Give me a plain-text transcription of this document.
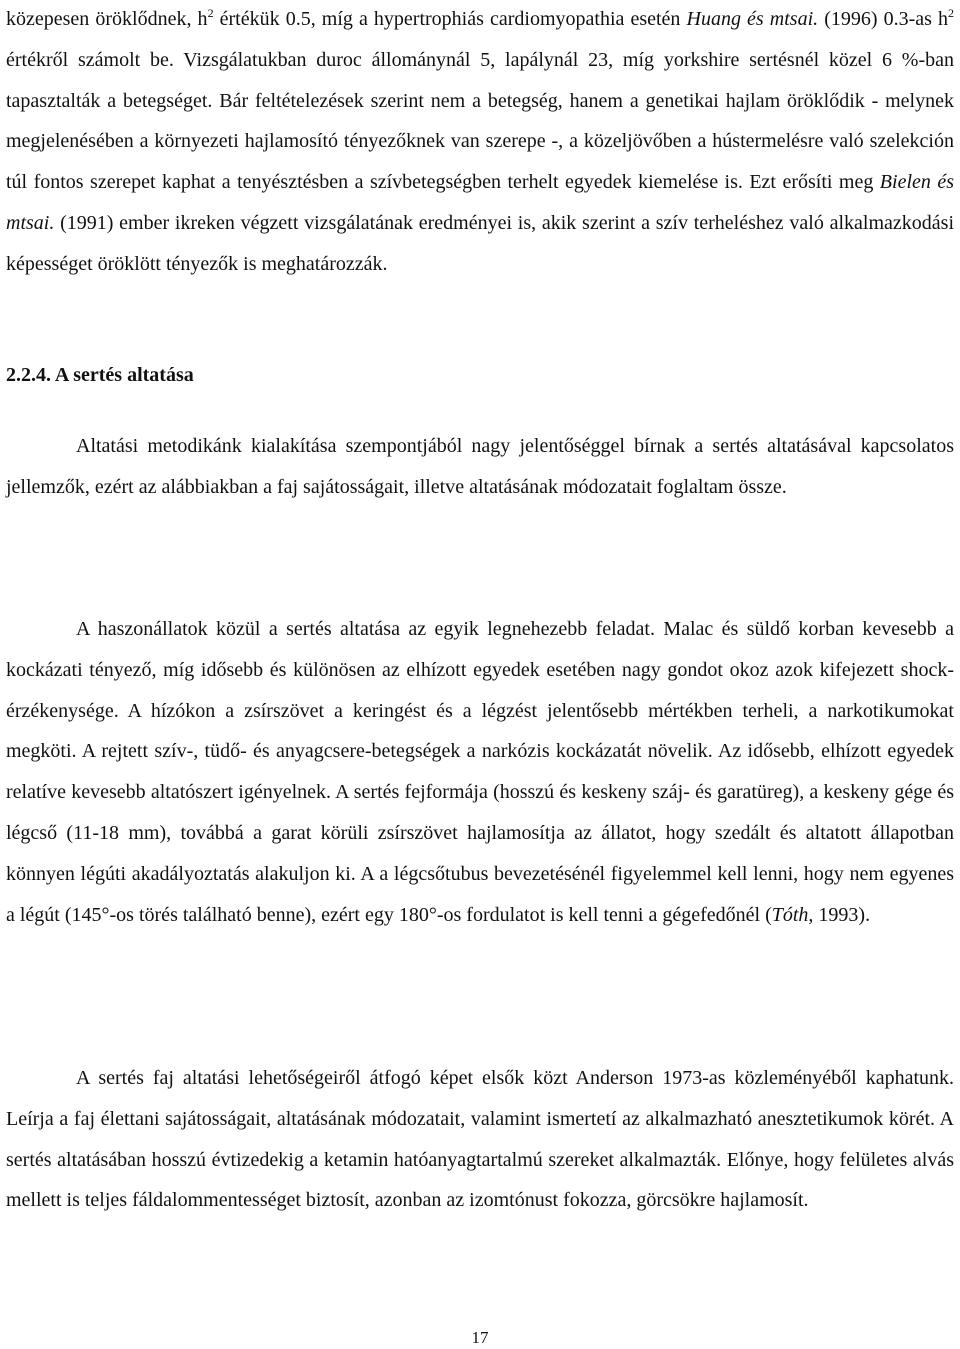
közepesen öröklődnek, $h^2$ értékük 0.5, míg a hypertrophiás cardiomyopathia esetén Huang és mtsai. (1996) 0.3-as $h^2$ értékről számolt be. Vizsgálatukban duroc állománynál 5, lapálynál 23, míg yorkshire sertésnél közel 6 %-ban tapasztalták a betegséget. Bár feltételezések szerint nem a betegség, hanem a genetikai hajlam öröklődik - melynek megjelenésében a környezeti hajlamosító tényezőknek van szerepe -, a közeljövőben a hústermelésre való szelekción túl fontos szerepet kaphat a tenyésztésben a szívbetegségben terhelt egyedek kiemelése is. Ezt erősíti meg Bielen és mtsai. (1991) ember ikreken végzett vizsgálatának eredményei is, akik szerint a szív terheléshez való alkalmazkodási képességet öröklött tényezők is meghatározzák.

2.2.4. A sertés altatása

Altatási metodikánk kialakítása szempontjából nagy jelentőséggel bírnak a sertés altatásával kapcsolatos jellemzők, ezért az alábbiakban a faj sajátosságait, illetve altatásának módozatait foglaltam össze.

A haszonállatok közül a sertés altatása az egyik legnehezebb feladat. Malac és süldő korban kevesebb a kockázati tényező, míg idősebb és különösen az elhízott egyedek esetében nagy gondot okoz azok kifejezett shock-érzékenysége. A hízókon a zsírszövet a keringést és a légzést jelentősebb mértékben terheli, a narkotikumokat megköti. A rejtett szív-, tüdő- és anyagcsere-betegségek a narkózis kockázatát növelik. Az idősebb, elhízott egyedek relatíve kevesebb altatószert igényelnek. A sertés fejformája (hosszú és keskeny száj- és garatüreg), a keskeny gége és légcső (11-18 mm), továbbá a garat körüli zsírszövet hajlamosítja az állatot, hogy szedált és altatott állapotban könnyen légúti akadályoztatás alakuljon ki. A a légcsőtubus bevezetésénél figyelemmel kell lenni, hogy nem egyenes a légút (145°-os törés található benne), ezért egy 180°-os fordulatot is kell tenni a gégefedőnél (Tóth, 1993).

A sertés faj altatási lehetőségeiről átfogó képet elsők közt Anderson 1973-as közleményéből kaphatunk. Leírja a faj élettani sajátosságait, altatásának módozatait, valamint ismertetí az alkalmazható anesztetikumok körét. A sertés altatásában hosszú évtizedekig a ketamin hatóanyagtartalmú szereket alkalmazták. Előnye, hogy felületes alvás mellett is teljes fáldalommentességet biztosít, azonban az izomtónust fokozza, görcsökre hajlamosít.

17
